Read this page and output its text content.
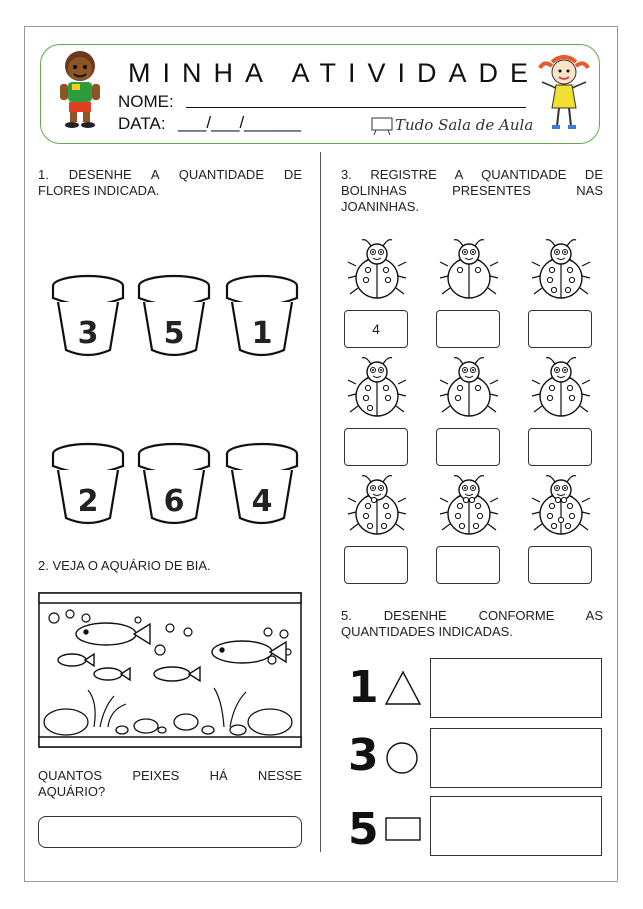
MINHA ATIVIDADE
NOME:
DATA: ___/___/______	Tudo Sala de Aula
1. DESENHE A QUANTIDADE DE
FLORES INDICADA.
3	5	1
2	6	4
2. VEJA O AQUÁRIO DE BIA.
QUANTOS PEIXES HÁ NESSE
AQUÁRIO?
3. REGISTRE A QUANTIDADE DE
BOLINHAS PRESENTES NAS
JOANINHAS.
4
5. DESENHE CONFORME AS
QUANTIDADES INDICADAS.
1
3
5
